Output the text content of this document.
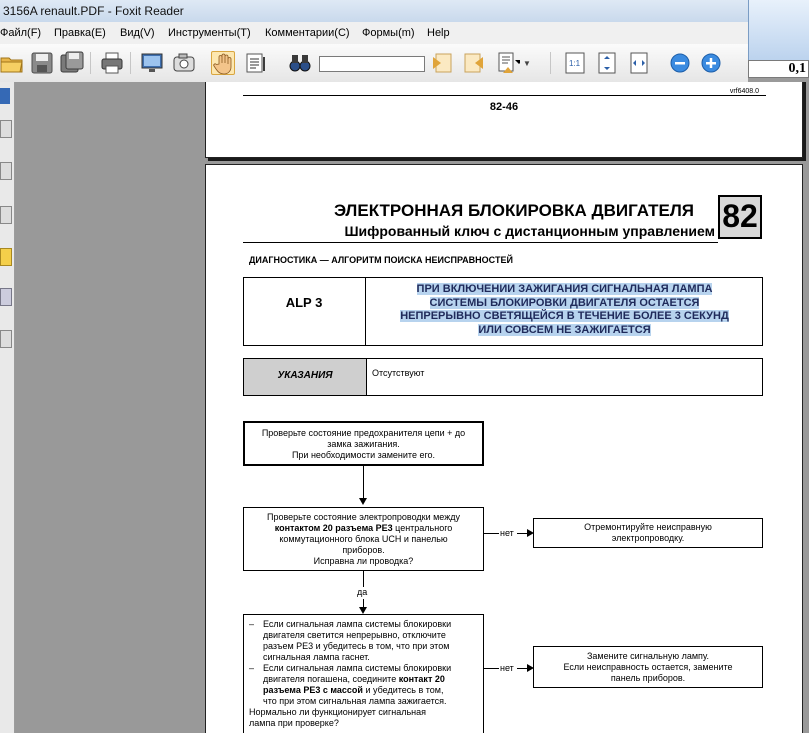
3156A renault.PDF - Foxit Reader
0,1
Файл(F) Правка(E) Вид(V) Инструменты(T) Комментарии(C) Формы(m) Help
▼	1:1
vrf6408.0
82-46
ЭЛЕКТРОННАЯ БЛОКИРОВКА ДВИГАТЕЛЯ
Шифрованный ключ с дистанционным управлением 82
ДИАГНОСТИКА — АЛГОРИТМ ПОИСКА НЕИСПРАВНОСТЕЙ
ALP 3
ПРИ ВКЛЮЧЕНИИ ЗАЖИГАНИЯ СИГНАЛЬНАЯ ЛАМПА
СИСТЕМЫ БЛОКИРОВКИ ДВИГАТЕЛЯ ОСТАЕТСЯ
НЕПРЕРЫВНО СВЕТЯЩЕЙСЯ В ТЕЧЕНИЕ БОЛЕЕ 3 СЕКУНД
ИЛИ СОВСЕМ НЕ ЗАЖИГАЕТСЯ
УКАЗАНИЯ	Отсутствуют
Проверьте состояние предохранителя цепи + до
замка зажигания.
При необходимости замените его.
Проверьте состояние электропроводки между
контактом 20 разъема РЕ3 центрального
коммутационного блока UCH и панелью
приборов.
Исправна ли проводка?
нет
Отремонтируйте неисправную
электропроводку.
да
– Если сигнальная лампа системы блокировки
двигателя светится непрерывно, отключите
разъем РЕ3 и убедитесь в том, что при этом
сигнальная лампа гаснет.
– Если сигнальная лампа системы блокировки
двигателя погашена, соедините контакт 20
разъема РЕ3 с массой и убедитесь в том,
что при этом сигнальная лампа зажигается.
Нормально ли функционирует сигнальная
лампа при проверке?
нет
Замените сигнальную лампу.
Если неисправность остается, замените
панель приборов.
